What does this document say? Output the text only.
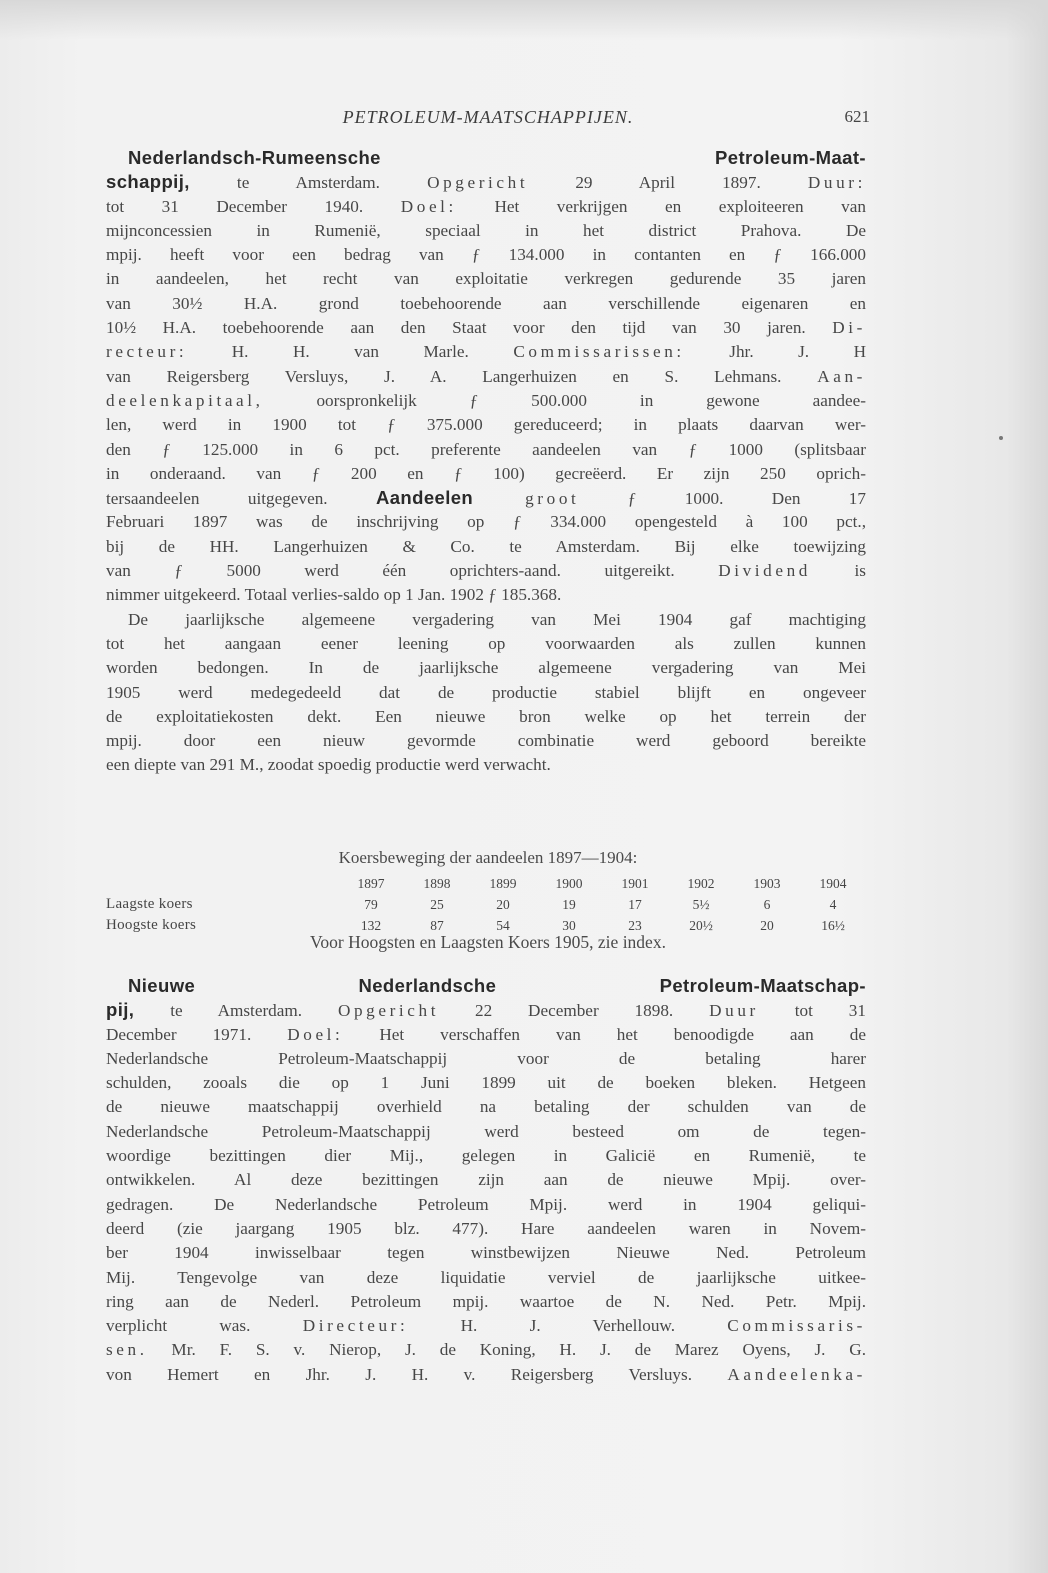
PETROLEUM-MAATSCHAPPIJEN.	621
Nederlandsch-Rumeensche Petroleum-Maat-
schappij, te Amsterdam. Opgericht 29 April 1897. Duur:
tot 31 December 1940. Doel: Het verkrijgen en exploiteeren van
mijnconcessien in Rumenië, speciaal in het district Prahova. De
mpij. heeft voor een bedrag van ƒ 134.000 in contanten en ƒ 166.000
in aandeelen, het recht van exploitatie verkregen gedurende 35 jaren
van 30½ H.A. grond toebehoorende aan verschillende eigenaren en
10½ H.A. toebehoorende aan den Staat voor den tijd van 30 jaren. Di-
recteur: H. H. van Marle. Commissarissen: Jhr. J. H
van Reigersberg Versluys, J. A. Langerhuizen en S. Lehmans. Aan-
deelenkapitaal, oorspronkelijk ƒ 500.000 in gewone aandee-
len, werd in 1900 tot ƒ 375.000 gereduceerd; in plaats daarvan wer-
den ƒ 125.000 in 6 pct. preferente aandeelen van ƒ 1000 (splitsbaar
in onderaand. van ƒ 200 en ƒ 100) gecreëerd. Er zijn 250 oprich-
tersaandeelen uitgegeven. Aandeelen groot ƒ 1000. Den 17
Februari 1897 was de inschrijving op ƒ 334.000 opengesteld à 100 pct.,
bij de HH. Langerhuizen & Co. te Amsterdam. Bij elke toewijzing
van ƒ 5000 werd één oprichters-aand. uitgereikt. Dividend is
nimmer uitgekeerd. Totaal verlies-saldo op 1 Jan. 1902 ƒ 185.368.
De jaarlijksche algemeene vergadering van Mei 1904 gaf machtiging
tot het aangaan eener leening op voorwaarden als zullen kunnen
worden bedongen. In de jaarlijksche algemeene vergadering van Mei
1905 werd medegedeeld dat de productie stabiel blijft en ongeveer
de exploitatiekosten dekt. Een nieuwe bron welke op het terrein der
mpij. door een nieuw gevormde combinatie werd geboord bereikte
een diepte van 291 M., zoodat spoedig productie werd verwacht.
Koersbeweging der aandeelen 1897—1904:
	1897	1898	1899	1900	1901	1902	1903	1904
Laagste koers	79	25	20	19	17	5½	6	4
Hoogste koers	132	87	54	30	23	20½	20	16½
Voor Hoogsten en Laagsten Koers 1905, zie index.
Nieuwe Nederlandsche Petroleum-Maatschap-
pij, te Amsterdam. Opgericht 22 December 1898. Duur tot 31
December 1971. Doel: Het verschaffen van het benoodigde aan de
Nederlandsche Petroleum-Maatschappij voor de betaling harer
schulden, zooals die op 1 Juni 1899 uit de boeken bleken. Hetgeen
de nieuwe maatschappij overhield na betaling der schulden van de
Nederlandsche Petroleum-Maatschappij werd besteed om de tegen-
woordige bezittingen dier Mij., gelegen in Galicië en Rumenië, te
ontwikkelen. Al deze bezittingen zijn aan de nieuwe Mpij. over-
gedragen. De Nederlandsche Petroleum Mpij. werd in 1904 geliqui-
deerd (zie jaargang 1905 blz. 477). Hare aandeelen waren in Novem-
ber 1904 inwisselbaar tegen winstbewijzen Nieuwe Ned. Petroleum
Mij. Tengevolge van deze liquidatie verviel de jaarlijksche uitkee-
ring aan de Nederl. Petroleum mpij. waartoe de N. Ned. Petr. Mpij.
verplicht was. Directeur: H. J. Verhellouw. Commissaris-
sen. Mr. F. S. v. Nierop, J. de Koning, H. J. de Marez Oyens, J. G.
von Hemert en Jhr. J. H. v. Reigersberg Versluys. Aandeelenka-
